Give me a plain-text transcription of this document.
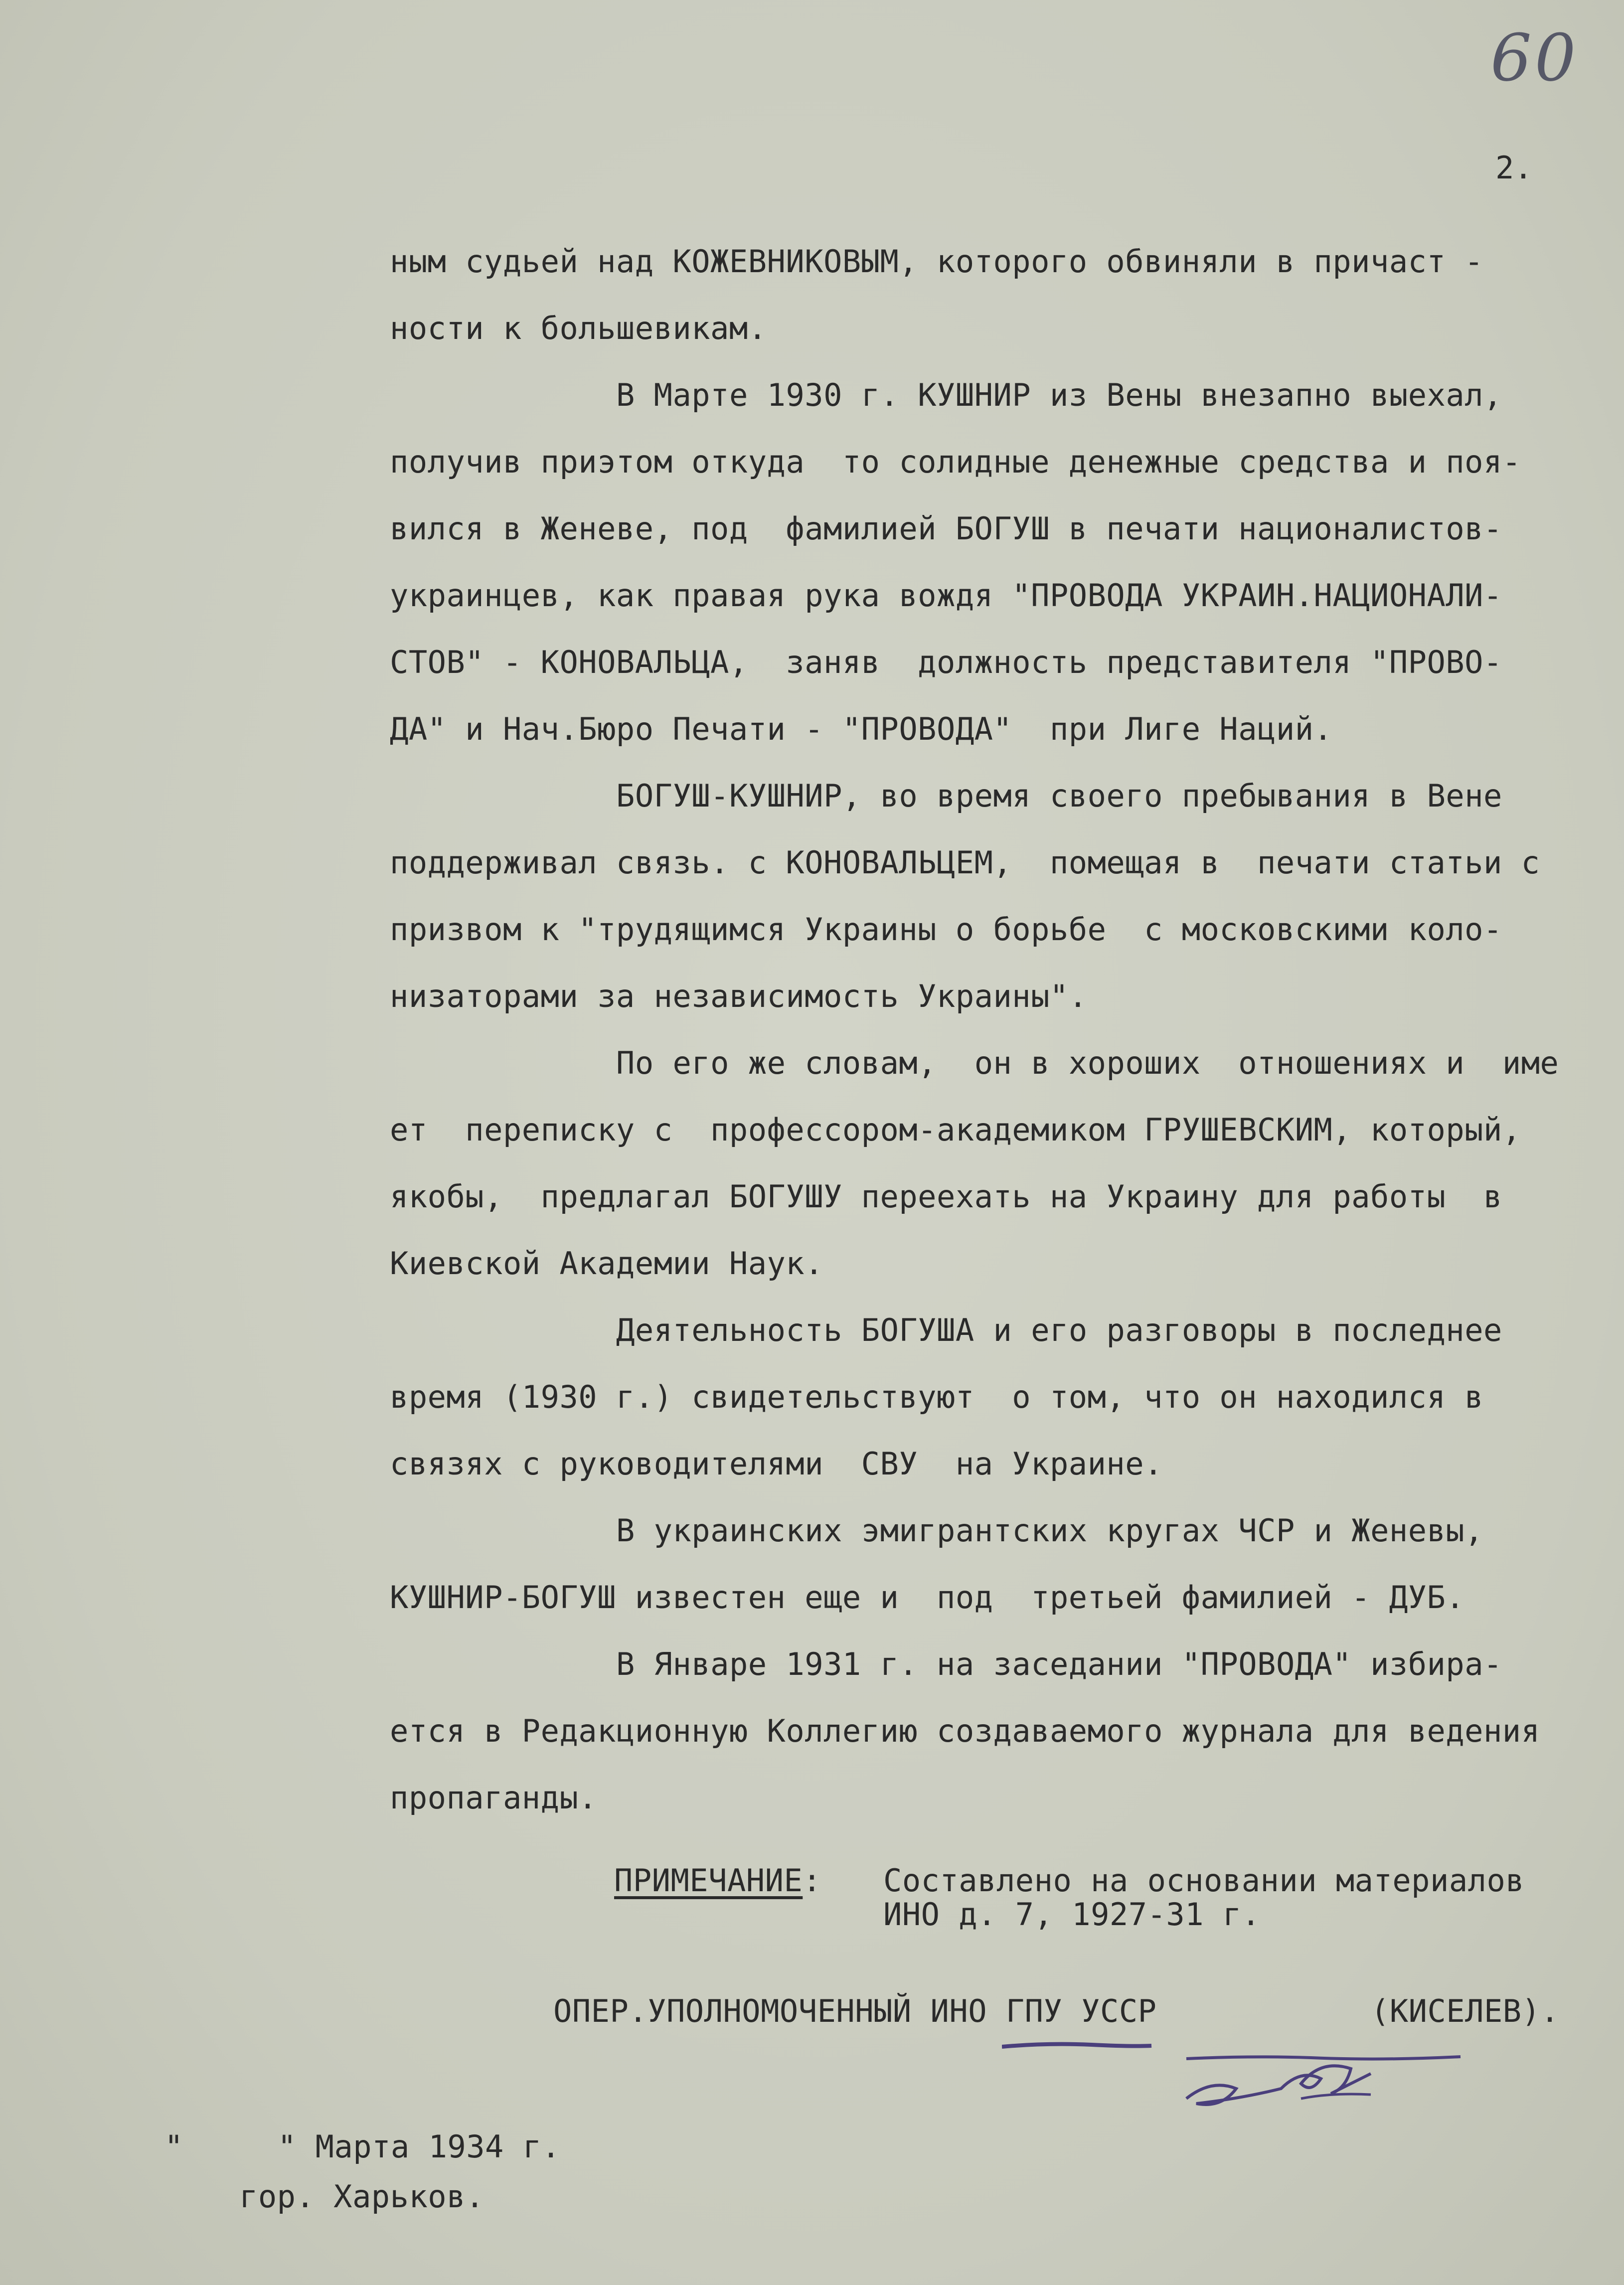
60
2.
ным судьей над КОЖЕВНИКОВЫМ, которого обвиняли в причаст -
ности к большевикам.
В Марте 1930 г. КУШНИР из Вены внезапно выехал,
получив приэтом откуда  то солидные денежные средства и поя-
вился в Женеве, под  фамилией БОГУШ в печати националистов-
украинцев, как правая рука вождя "ПРОВОДА УКРАИН.НАЦИОНАЛИ-
СТОВ" - КОНОВАЛЬЦА,  заняв  должность представителя "ПРОВО-
ДА" и Нач.Бюро Печати - "ПРОВОДА"  при Лиге Наций.
БОГУШ-КУШНИР, во время своего пребывания в Вене
поддерживал связь. с КОНОВАЛЬЦЕМ,  помещая в  печати статьи с
призвом к "трудящимся Украины о борьбе  с московскими коло-
низаторами за независимость Украины".
По его же словам,  он в хороших  отношениях и  име
ет  переписку с  профессором-академиком ГРУШЕВСКИМ, который,
якобы,  предлагал БОГУШУ переехать на Украину для работы  в
Киевской Академии Наук.
Деятельность БОГУША и его разговоры в последнее
время (1930 г.) свидетельствуют  о том, что он находился в
связях с руководителями  СВУ  на Украине.
В украинских эмигрантских кругах ЧСР и Женевы,
КУШНИР-БОГУШ известен еще и  под  третьей фамилией - ДУБ.
В Январе 1931 г. на заседании "ПРОВОДА" избира-
ется в Редакционную Коллегию создаваемого журнала для ведения
пропаганды.
ПРИМЕЧАНИЕ: Составлено на основании материалов
ИНО д. 7, 1927-31 г.
ОПЕР.УПОЛНОМОЧЕННЫЙ ИНО ГПУ УССР	(КИСЕЛЕВ).
"     " Марта 1934 г.
гор. Харьков.
